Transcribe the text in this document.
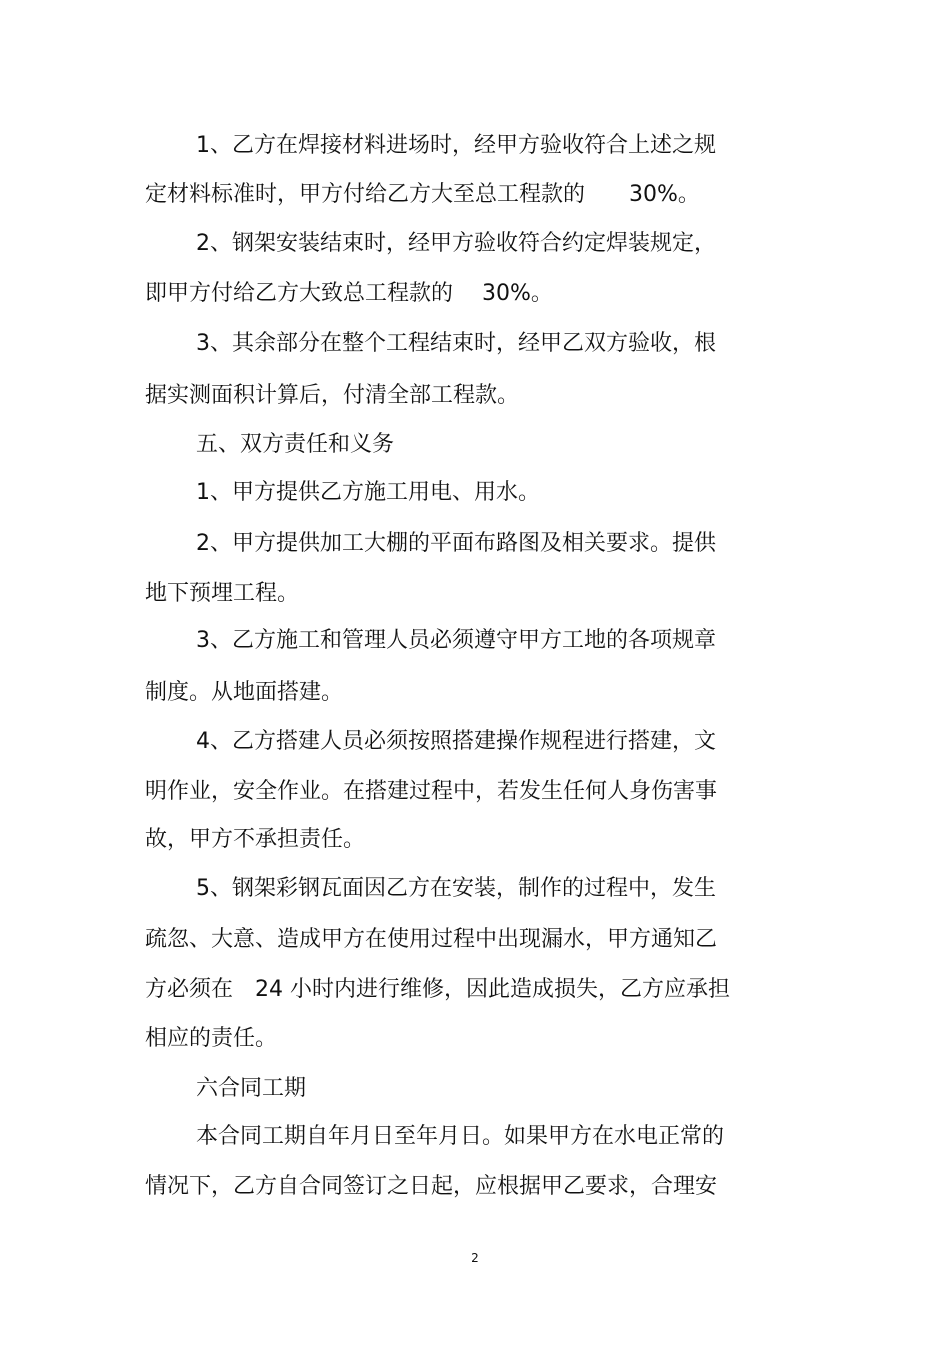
1、乙方在焊接材料进场时，经甲方验收符合上述之规
定材料标准时，甲方付给乙方大至总工程款的　　30%。
2、钢架安装结束时，经甲方验收符合约定焊装规定，
即甲方付给乙方大致总工程款的　 30%。
3、其余部分在整个工程结束时，经甲乙双方验收，根
据实测面积计算后，付清全部工程款。
五、双方责任和义务
1、甲方提供乙方施工用电、用水。
2、甲方提供加工大棚的平面布路图及相关要求。提供
地下预埋工程。
3、乙方施工和管理人员必须遵守甲方工地的各项规章
制度。从地面搭建。
4、乙方搭建人员必须按照搭建操作规程进行搭建，文
明作业，安全作业。在搭建过程中，若发生任何人身伤害事
故，甲方不承担责任。
5、钢架彩钢瓦面因乙方在安装，制作的过程中，发生
疏忽、大意、造成甲方在使用过程中出现漏水，甲方通知乙
方必须在　24 小时内进行维修，因此造成损失，乙方应承担
相应的责任。
六合同工期
本合同工期自年月日至年月日。如果甲方在水电正常的
情况下，乙方自合同签订之日起，应根据甲乙要求，合理安
2
